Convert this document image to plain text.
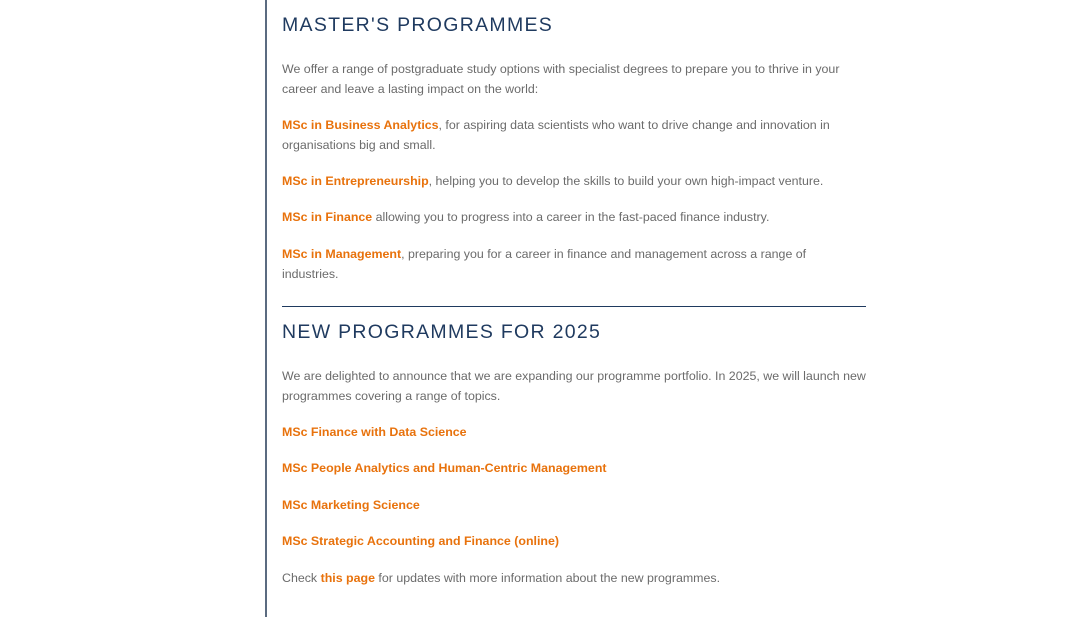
MASTER'S PROGRAMMES

We offer a range of postgraduate study options with specialist degrees to prepare you to thrive in your career and leave a lasting impact on the world:

MSc in Business Analytics, for aspiring data scientists who want to drive change and innovation in organisations big and small.

MSc in Entrepreneurship, helping you to develop the skills to build your own high-impact venture.

MSc in Finance allowing you to progress into a career in the fast-paced finance industry.

MSc in Management, preparing you for a career in finance and management across a range of industries.

NEW PROGRAMMES FOR 2025

We are delighted to announce that we are expanding our programme portfolio. In 2025, we will launch new programmes covering a range of topics.

MSc Finance with Data Science

MSc People Analytics and Human-Centric Management

MSc Marketing Science

MSc Strategic Accounting and Finance (online)

Check this page for updates with more information about the new programmes.
